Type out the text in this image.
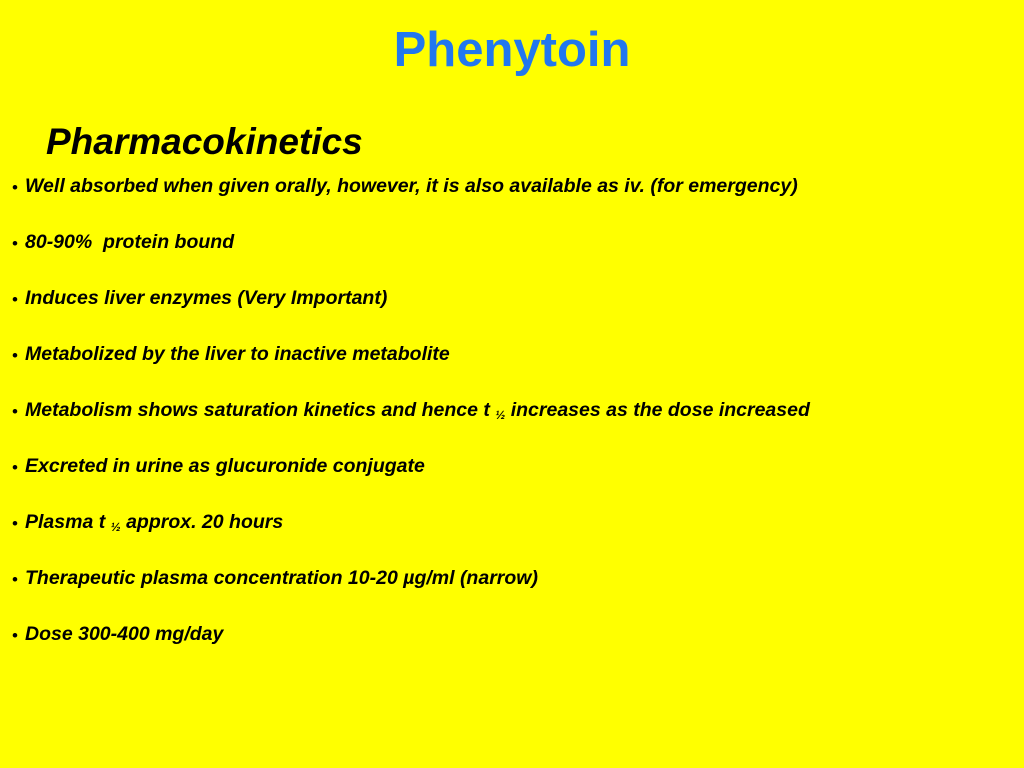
Phenytoin
Pharmacokinetics
• Well absorbed when given orally, however, it is also available as iv. (for emergency)
• 80-90%  protein bound
• Induces liver enzymes (Very Important)
• Metabolized by the liver to inactive metabolite
• Metabolism shows saturation kinetics and hence t $_{\frac{1}{2}}$ increases as the dose increased
• Excreted in urine as glucuronide conjugate
• Plasma t $_{\frac{1}{2}}$ approx. 20 hours
• Therapeutic plasma concentration 10-20 µg/ml (narrow)
• Dose 300-400 mg/day
